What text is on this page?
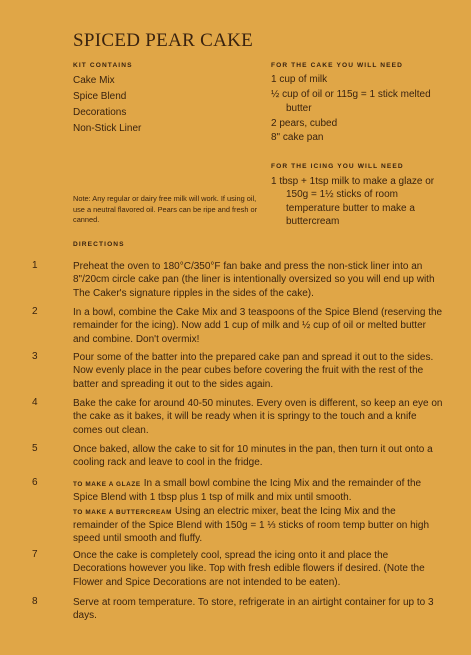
SPICED PEAR CAKE
KIT CONTAINS
Cake Mix
Spice Blend
Decorations
Non-Stick Liner
FOR THE CAKE YOU WILL NEED
1 cup of milk
½ cup of oil or 115g = 1 stick melted butter
2 pears, cubed
8" cake pan
FOR THE ICING YOU WILL NEED
1 tbsp + 1tsp milk to make a glaze or 150g = 1½ sticks of room temperature butter to make a buttercream
Note: Any regular or dairy free milk will work. If using oil, use a neutral flavored oil. Pears can be ripe and fresh or canned.
DIRECTIONS
1	Preheat the oven to 180°C/350°F fan bake and press the non-stick liner into an 8"/20cm circle cake pan (the liner is intentionally oversized so you will end up with The Caker's signature ripples in the sides of the cake).
2	In a bowl, combine the Cake Mix and 3 teaspoons of the Spice Blend (reserving the remainder for the icing). Now add 1 cup of milk and ½ cup of oil or melted butter and combine. Don't overmix!
3	Pour some of the batter into the prepared cake pan and spread it out to the sides. Now evenly place in the pear cubes before covering the fruit with the rest of the batter and spreading it out to the sides again.
4	Bake the cake for around 40-50 minutes. Every oven is different, so keep an eye on the cake as it bakes, it will be ready when it is springy to the touch and a knife comes out clean.
5	Once baked, allow the cake to sit for 10 minutes in the pan, then turn it out onto a cooling rack and leave to cool in the fridge.
6	TO MAKE A GLAZE In a small bowl combine the Icing Mix and the remainder of the Spice Blend with 1 tbsp plus 1 tsp of milk and mix until smooth.
TO MAKE A BUTTERCREAM Using an electric mixer, beat the Icing Mix and the remainder of the Spice Blend with 150g = 1 ⅓ sticks of room temp butter on high speed until smooth and fluffy.
7	Once the cake is completely cool, spread the icing onto it and place the Decorations however you like. Top with fresh edible flowers if desired. (Note the Flower and Spice Decorations are not intended to be eaten).
8	Serve at room temperature. To store, refrigerate in an airtight container for up to 3 days.
